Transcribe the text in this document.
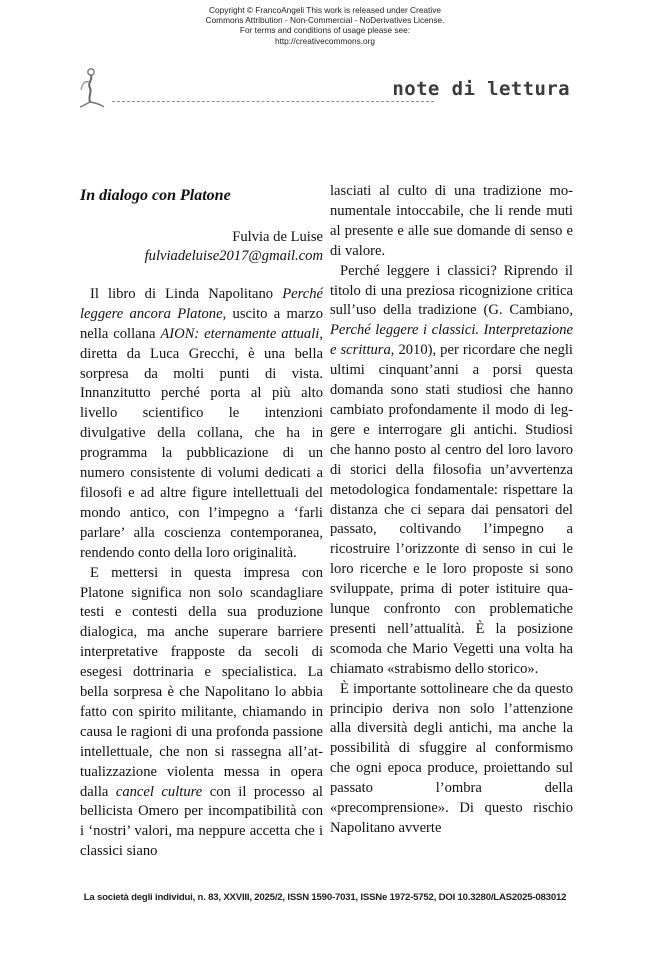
Copyright © FrancoAngeli This work is released under Creative
Commons Attribution - Non-Commercial - NoDerivatives License.
For terms and conditions of usage please see:
http://creativecommons.org
note di lettura
In dialogo con Platone
Fulvia de Luise
fulviadeluise2017@gmail.com

Il libro di Linda Napolitano Perché leggere ancora Platone, uscito a marzo nella collana AION: eternamente attuali, diretta da Luca Grecchi, è una bella sorpresa da molti punti di vista. Innanzitutto perché porta al più alto livello scientifico le intenzioni divulgative della collana, che ha in programma la pubblicazione di un numero consistente di volumi dedicati a filosofi e ad altre figure intellettuali del mondo antico, con l’impegno a ‘farli parlare’ alla coscienza contemporanea, rendendo conto della loro originalità.

E mettersi in questa impresa con Platone significa non solo scandagliare testi e contesti della sua produzione dialogica, ma anche superare barriere interpretative frapposte da secoli di esegesi dottrinaria e specialistica. La bella sorpresa è che Napolitano lo abbia fatto con spirito militante, chiamando in causa le ragioni di una profonda passione intellettuale, che non si rassegna all’attualizzazione violenta messa in opera dalla cancel culture con il processo al bellicista Omero per incompatibilità con i ‘nostri’ valori, ma neppure accetta che i classici siano

lasciati al culto di una tradizione monumentale intoccabile, che li rende muti al presente e alle sue domande di senso e di valore.

Perché leggere i classici? Riprendo il titolo di una preziosa ricognizione critica sull’uso della tradizione (G. Cambiano, Perché leggere i classici. Interpretazione e scrittura, 2010), per ricordare che negli ultimi cinquant’anni a porsi questa domanda sono stati studiosi che hanno cambiato profondamente il modo di leggere e interrogare gli antichi. Studiosi che hanno posto al centro del loro lavoro di storici della filosofia un’avvertenza metodologica fondamentale: rispettare la distanza che ci separa dai pensatori del passato, coltivando l’impegno a ricostruire l’orizzonte di senso in cui le loro ricerche e le loro proposte si sono sviluppate, prima di poter istituire qualunque confronto con problematiche presenti nell’attualità. È la posizione scomoda che Mario Vegetti una volta ha chiamato «strabismo dello storico».

È importante sottolineare che da questo principio deriva non solo l’attenzione alla diversità degli antichi, ma anche la possibilità di sfuggire al conformismo che ogni epoca produce, proiettando sul passato l’ombra della «precomprensione». Di questo rischio Napolitano avverte

La società degli individui, n. 83, XXVIII, 2025/2, ISSN 1590-7031, ISSNe 1972-5752, DOI 10.3280/LAS2025-083012
